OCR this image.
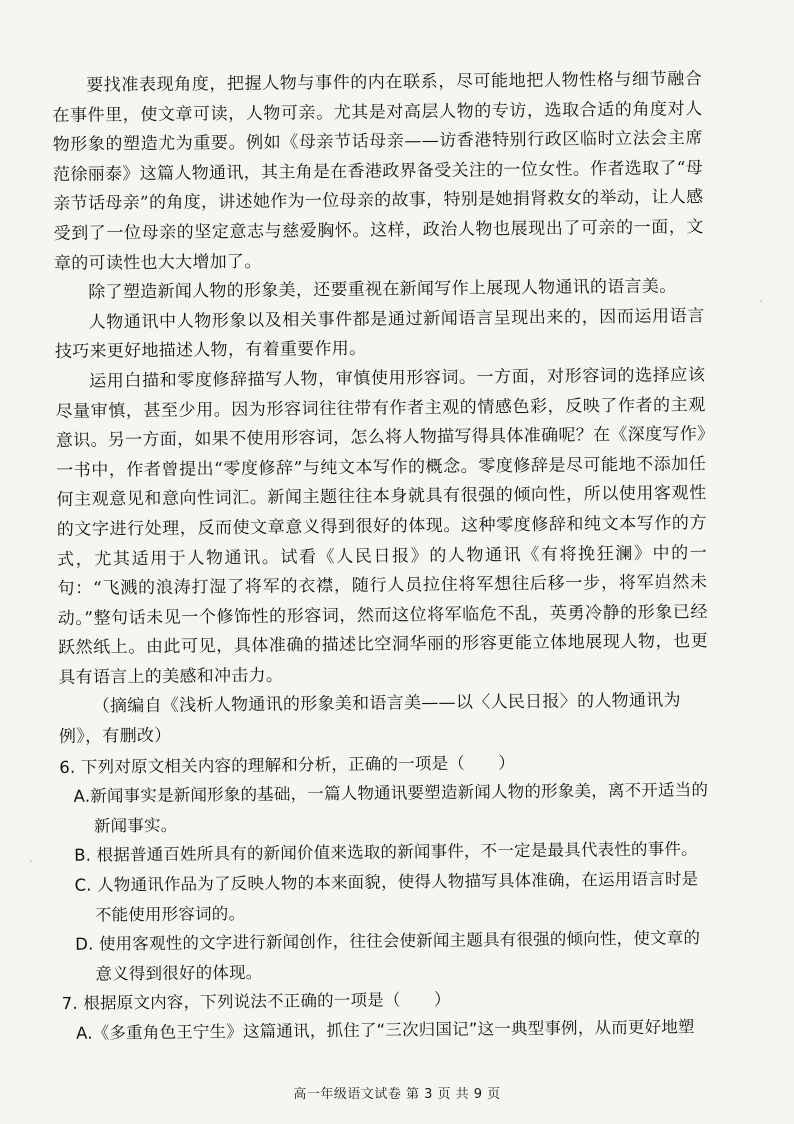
要找准表现角度，把握人物与事件的内在联系，尽可能地把人物性格与细节融合在事件里，使文章可读，人物可亲。尤其是对高层人物的专访，选取合适的角度对人物形象的塑造尤为重要。例如《母亲节话母亲——访香港特别行政区临时立法会主席范徐丽泰》这篇人物通讯，其主角是在香港政界备受关注的一位女性。作者选取了“母亲节话母亲”的角度，讲述她作为一位母亲的故事，特别是她捐肾救女的举动，让人感受到了一位母亲的坚定意志与慈爱胸怀。这样，政治人物也展现出了可亲的一面，文章的可读性也大大增加了。

除了塑造新闻人物的形象美，还要重视在新闻写作上展现人物通讯的语言美。

人物通讯中人物形象以及相关事件都是通过新闻语言呈现出来的，因而运用语言技巧来更好地描述人物，有着重要作用。

运用白描和零度修辞描写人物，审慎使用形容词。一方面，对形容词的选择应该尽量审慎，甚至少用。因为形容词往往带有作者主观的情感色彩，反映了作者的主观意识。另一方面，如果不使用形容词，怎么将人物描写得具体准确呢？在《深度写作》一书中，作者曾提出“零度修辞”与纯文本写作的概念。零度修辞是尽可能地不添加任何主观意见和意向性词汇。新闻主题往往本身就具有很强的倾向性，所以使用客观性的文字进行处理，反而使文章意义得到很好的体现。这种零度修辞和纯文本写作的方式，尤其适用于人物通讯。试看《人民日报》的人物通讯《有将挽狂澜》中的一句：“飞溅的浪涛打湿了将军的衣襟，随行人员拉住将军想往后移一步，将军岿然未动。”整句话未见一个修饰性的形容词，然而这位将军临危不乱，英勇冷静的形象已经跃然纸上。由此可见，具体准确的描述比空洞华丽的形容更能立体地展现人物，也更具有语言上的美感和冲击力。

（摘编自《浅析人物通讯的形象美和语言美——以〈人民日报〉的人物通讯为例》，有删改）

6. 下列对原文相关内容的理解和分析，正确的一项是（　　）

A.新闻事实是新闻形象的基础，一篇人物通讯要塑造新闻人物的形象美，离不开适当的新闻事实。

B. 根据普通百姓所具有的新闻价值来选取的新闻事件，不一定是最具代表性的事件。

C. 人物通讯作品为了反映人物的本来面貌，使得人物描写具体准确，在运用语言时是不能使用形容词的。

D. 使用客观性的文字进行新闻创作，往往会使新闻主题具有很强的倾向性，使文章的意义得到很好的体现。

7. 根据原文内容，下列说法不正确的一项是（　　）

A.《多重角色王宁生》这篇通讯，抓住了“三次归国记”这一典型事例，从而更好地塑

高一年级语文试卷 第 3 页 共 9 页
